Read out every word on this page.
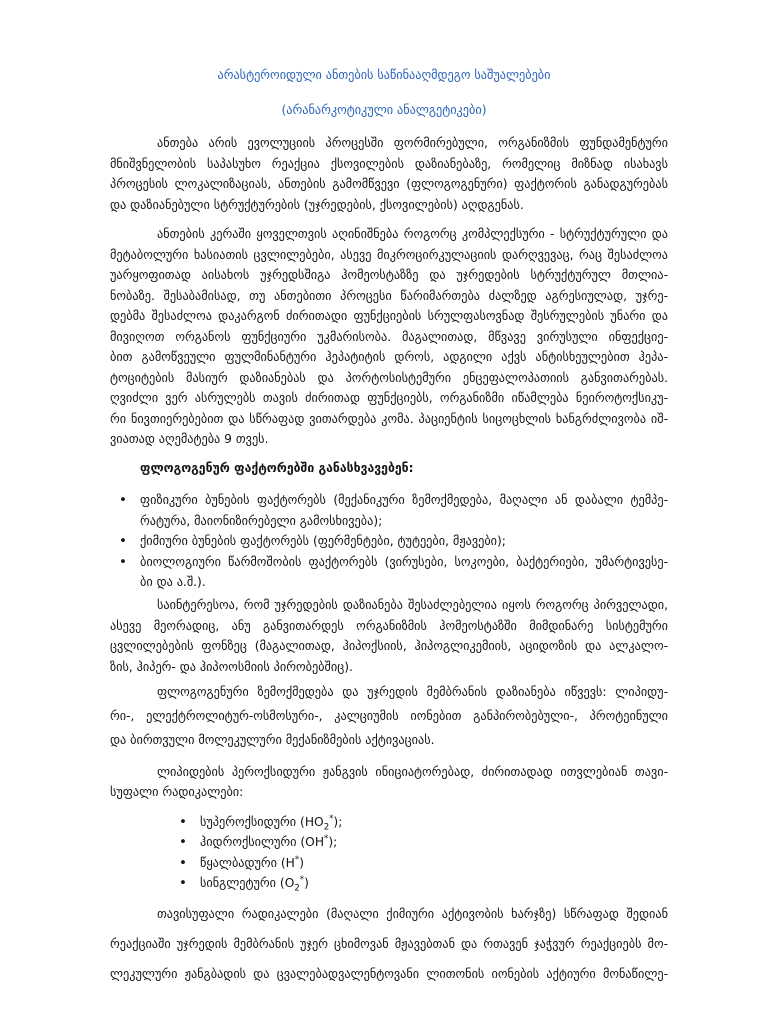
არასტეროიდული ანთების საწინააღმდეგო საშუალებები
(არანარკოტიკული ანალგეტიკები)
ანთება არის ევოლუციის პროცესში ფორმირებული, ორგანიზმის ფუნდამენტური
მნიშვნელობის საპასუხო რეაქცია ქსოვილების დაზიანებაზე, რომელიც მიზნად ისახავს
პროცესის ლოკალიზაციას, ანთების გამომწვევი (ფლოგოგენური) ფაქტორის განადგურებას
და დაზიანებული სტრუქტურების (უჯრედების, ქსოვილების) აღდგენას.
ანთების კერაში ყოველთვის აღინიშნება როგორც კომპლექსური - სტრუქტურული და
მეტაბოლური ხასიათის ცვლილებები, ასევე მიკროცირკულაციის დარღვევაც, რაც შესაძლოა
უარყოფითად აისახოს უჯრედსშიგა ჰომეოსტაზზე და უჯრედების სტრუქტურულ მთლია-
ნობაზე. შესაბამისად, თუ ანთებითი პროცესი წარიმართება ძალზედ აგრესიულად, უჯრე-
დებმა შესაძლოა დაკარგონ ძირითადი ფუნქციების სრულფასოვნად შესრულების უნარი და
მივიღოთ ორგანოს ფუნქციური უკმარისობა. მაგალითად, მწვავე ვირუსული ინფექციე-
ბით გამოწვეული ფულმინანტური ჰეპატიტის დროს, ადგილი აქვს ანტისხეულებით ჰეპა-
ტოციტების მასიურ დაზიანებას და პორტოსისტემური ენცეფალოპათიის განვითარებას.
ღვიძლი ვერ ასრულებს თავის ძირითად ფუნქციებს, ორგანიზმი იწამლება ნეიროტოქსიკუ-
რი ნივთიერებებით და სწრაფად ვითარდება კომა. პაციენტის სიცოცხლის ხანგრძლივობა იშ-
ვიათად აღემატება 9 თვეს.
ფლოგოგენურ ფაქტორებში განასხვავებენ:
•
ფიზიკური ბუნების ფაქტორებს (მექანიკური ზემოქმედება, მაღალი ან დაბალი ტემპე-
რატურა, მაიონიზირებელი გამოსხივება);
•
ქიმიური ბუნების ფაქტორებს (ფერმენტები, ტუტეები, მჟავები);
•
ბიოლოგიური წარმოშობის ფაქტორებს (ვირუსები, სოკოები, ბაქტერიები, უმარტივესე-
ბი და ა.შ.).
საინტერესოა, რომ უჯრედების დაზიანება შესაძლებელია იყოს როგორც პირველადი,
ასევე მეორადიც, ანუ განვითარდეს ორგანიზმის ჰომეოსტაზში მიმდინარე სისტემური
ცვლილებების ფონზეც (მაგალითად, ჰიპოქსიის, ჰიპოგლიკემიის, აციდოზის და ალკალო-
ზის, ჰიპერ- და ჰიპოოსმიის პირობებშიც).
ფლოგოგენური ზემოქმედება და უჯრედის მემბრანის დაზიანება იწვევს: ლიპიდუ-
რი-, ელექტროლიტურ-ოსმოსური-, კალციუმის იონებით განპირობებული-, პროტეინული
და ბირთვული მოლეკულური მექანიზმების აქტივაციას.
ლიპიდების პეროქსიდური ჟანგვის ინიციატორებად, ძირითადად ითვლებიან თავი-
სუფალი რადიკალები:
•
სუპეროქსიდური $(HO_2^*)$;
•
ჰიდროქსილური (OH*);
•
წყალბადური (H*)
•
სინგლეტური $(O_2^*)$
თავისუფალი რადიკალები (მაღალი ქიმიური აქტივობის ხარჯზე) სწრაფად შედიან
რეაქციაში უჯრედის მემბრანის უჯერ ცხიმოვან მჟავებთან და რთავენ ჯაჭვურ რეაქციებს მო-
ლეკულური ჟანგბადის და ცვალებადვალენტოვანი ლითონის იონების აქტიური მონაწილე-
